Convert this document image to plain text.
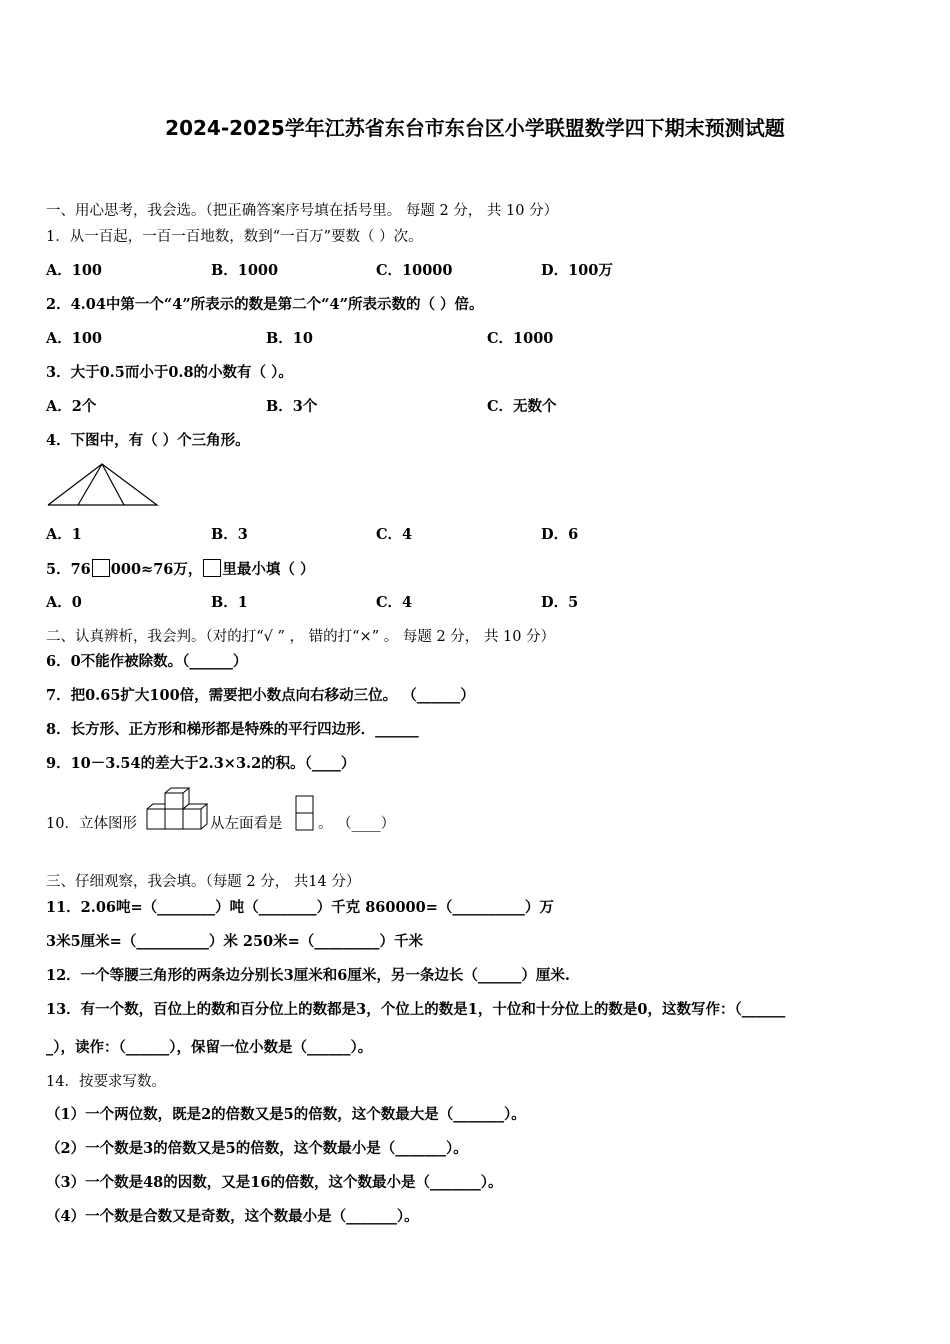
2024-2025学年江苏省东台市东台区小学联盟数学四下期末预测试题
一、用心思考，我会选。（把正确答案序号填在括号里。 每题 2 分， 共 10 分）
1．从一百起，一百一百地数，数到“一百万”要数（ ）次。
A．100	B．1000	C．10000	D．100万
2．4.04中第一个“4”所表示的数是第二个“4”所表示数的（ ）倍。
A．100	B．10	C．1000
3．大于0.5而小于0.8的小数有（ ）。
A．2个	B．3个	C．无数个
4．下图中，有（ ）个三角形。
A．1	B．3	C．4	D．6
5．76 000≈76万， 里最小填（ ）
A．0	B．1	C．4	D．5
二、认真辨析，我会判。（对的打“√ ” ， 错的打“×” 。 每题 2 分， 共 10 分）
6．0不能作被除数。（______）
7．把0.65扩大100倍，需要把小数点向右移动三位。 （______）
8．长方形、正方形和梯形都是特殊的平行四边形．______
9．10－3.54的差大于2.3×3.2的积。（____）
10．立体图形	从左面看是 。 （____）
三、仔细观察，我会填。（每题 2 分， 共14 分）
11．2.06吨=（________）吨（________）千克 860000=（__________）万
3米5厘米=（__________）米 250米=（_________）千米
12．一个等腰三角形的两条边分别长3厘米和6厘米，另一条边长（______）厘米.
13．有一个数，百位上的数和百分位上的数都是3，个位上的数是1，十位和十分位上的数是0，这数写作：（______
_），读作：（______），保留一位小数是（______）。
14．按要求写数。
（1）一个两位数，既是2的倍数又是5的倍数，这个数最大是（_______）。
（2）一个数是3的倍数又是5的倍数，这个数最小是（_______）。
（3）一个数是48的因数，又是16的倍数，这个数最小是（_______）。
（4）一个数是合数又是奇数，这个数最小是（_______）。
